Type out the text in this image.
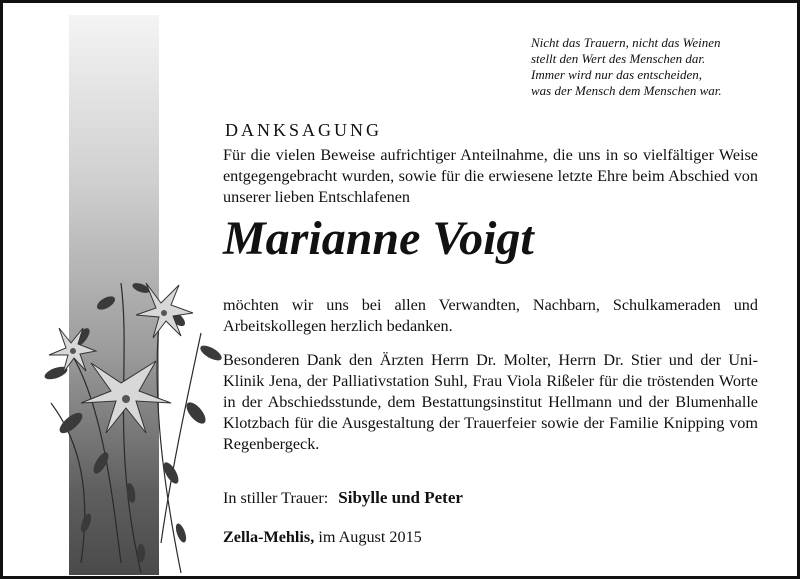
Nicht das Trauern, nicht das Weinen
stellt den Wert des Menschen dar.
Immer wird nur das entscheiden,
was der Mensch dem Menschen war.
DANKSAGUNG
Für die vielen Beweise aufrichtiger Anteilnahme, die uns in so vielfältiger Weise entgegengebracht wurden, sowie für die erwiesene letzte Ehre beim Abschied von unserer lieben Entschlafenen
Marianne Voigt
möchten wir uns bei allen Verwandten, Nachbarn, Schulkameraden und Arbeitskollegen herzlich bedanken.
Besonderen Dank den Ärzten Herrn Dr. Molter, Herrn Dr. Stier und der Uni-Klinik Jena, der Palliativstation Suhl, Frau Viola Rißeler für die tröstenden Worte in der Abschiedsstunde, dem Bestattungsinstitut Hellmann und der Blumenhalle Klotzbach für die Ausgestaltung der Trauerfeier sowie der Familie Knipping vom Regenbergeck.
In stiller Trauer: Sibylle und Peter
Zella-Mehlis, im August 2015
